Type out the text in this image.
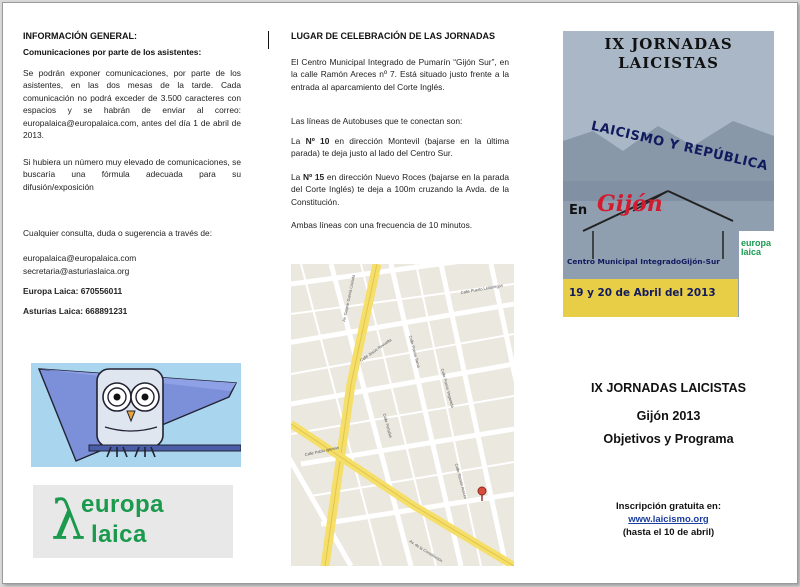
INFORMACIÓN GENERAL:
Comunicaciones por parte de los asistentes:

Se podrán exponer comunicaciones, por parte de los asistentes, en las dos mesas de la tarde. Cada comunicación no podrá exceder de 3.500 caracteres con espacios y se habrán de enviar al correo: europalaica@europalaica.com, antes del día 1 de abril de 2013.

Si hubiera un número muy elevado de comunicaciones, se buscaría una fórmula adecuada para su difusión/exposición

Cualquier consulta, duda o sugerencia a través de:

europalaica@europalaica.com

secretaria@asturiaslaica.org

Europa Laica: 670556011

Asturias Laica: 668891231

λ
europa
laica
LUGAR DE CELEBRACIÓN DE LAS JORNADAS

El Centro Municipal Integrado de Pumarín “Gijón Sur”, en la calle Ramón Areces nº 7. Está situado justo frente a la entrada al aparcamiento del Corte Inglés.

Las líneas de Autobuses que te conectan son:

La Nº 10 en dirección Montevil (bajarse en la última parada) te deja justo al lado del Centro Sur.

La Nº 15 en dirección Nuevo Roces (bajarse en la parada del Corte Inglés) te deja a 100m cruzando la Avda. de la Constitución.

Ambas líneas con una frecuencia de 10 minutos.

Av. Gaspar García Laviada
Calle Jesús Revuelta	Calle Puerto Tarna
Calle Puerto Vegarada
Calle Peñafiel
Calle Ramón Areces
Av. de la Constitución
Calle Pablo Iglesias
Calle Puerto Leitariegos
IX JORNADAS
LAICISTAS
LAICISMO Y REPÚBLICA
En Gijón
Centro Municipal IntegradoGijón-Sur
19 y 20 de Abril del 2013
europa
laica
IX JORNADAS LAICISTAS
Gijón 2013
Objetivos y Programa
Inscripción gratuita en:
www.laicismo.org
(hasta el 10 de abril)
